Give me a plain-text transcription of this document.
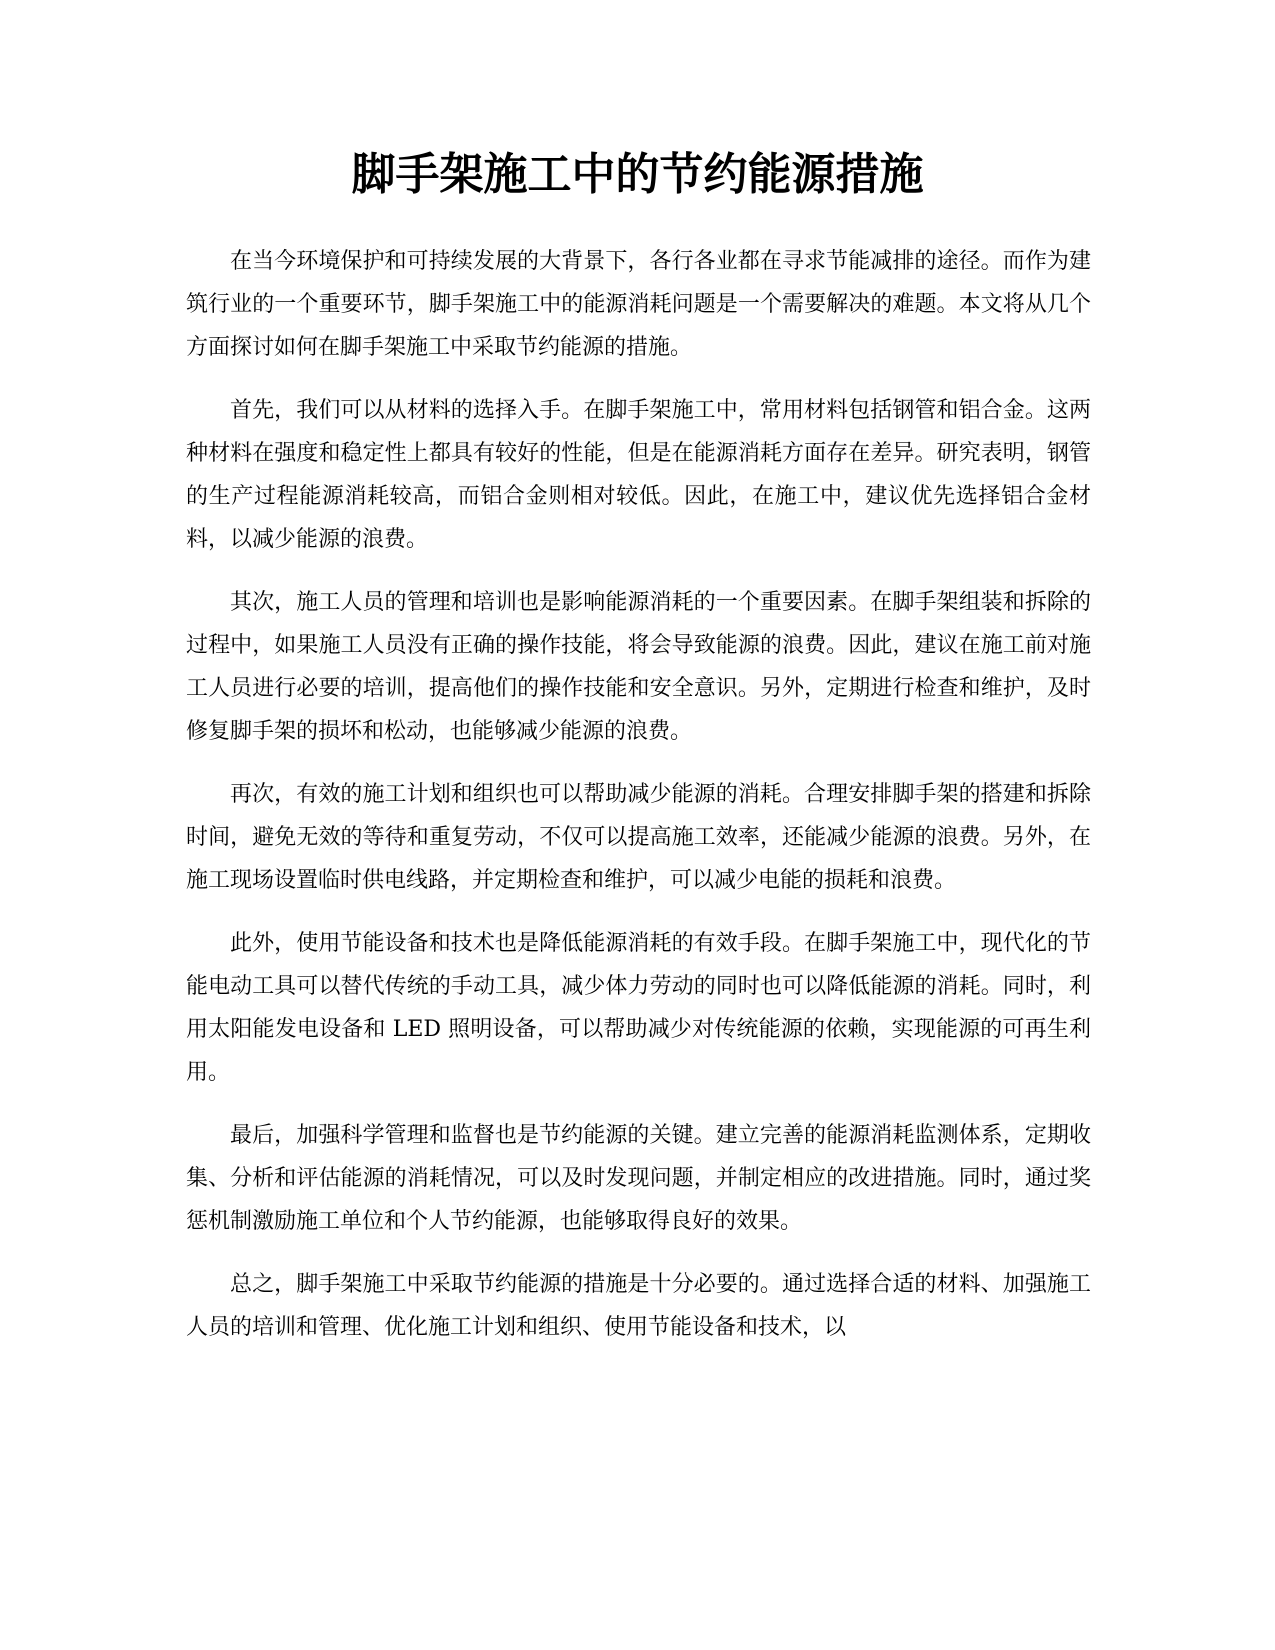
脚手架施工中的节约能源措施

在当今环境保护和可持续发展的大背景下，各行各业都在寻求节能减排的途径。而作为建筑行业的一个重要环节，脚手架施工中的能源消耗问题是一个需要解决的难题。本文将从几个方面探讨如何在脚手架施工中采取节约能源的措施。

首先，我们可以从材料的选择入手。在脚手架施工中，常用材料包括钢管和铝合金。这两种材料在强度和稳定性上都具有较好的性能，但是在能源消耗方面存在差异。研究表明，钢管的生产过程能源消耗较高，而铝合金则相对较低。因此，在施工中，建议优先选择铝合金材料，以减少能源的浪费。

其次，施工人员的管理和培训也是影响能源消耗的一个重要因素。在脚手架组装和拆除的过程中，如果施工人员没有正确的操作技能，将会导致能源的浪费。因此，建议在施工前对施工人员进行必要的培训，提高他们的操作技能和安全意识。另外，定期进行检查和维护，及时修复脚手架的损坏和松动，也能够减少能源的浪费。

再次，有效的施工计划和组织也可以帮助减少能源的消耗。合理安排脚手架的搭建和拆除时间，避免无效的等待和重复劳动，不仅可以提高施工效率，还能减少能源的浪费。另外，在施工现场设置临时供电线路，并定期检查和维护，可以减少电能的损耗和浪费。

此外，使用节能设备和技术也是降低能源消耗的有效手段。在脚手架施工中，现代化的节能电动工具可以替代传统的手动工具，减少体力劳动的同时也可以降低能源的消耗。同时，利用太阳能发电设备和 LED 照明设备，可以帮助减少对传统能源的依赖，实现能源的可再生利用。

最后，加强科学管理和监督也是节约能源的关键。建立完善的能源消耗监测体系，定期收集、分析和评估能源的消耗情况，可以及时发现问题，并制定相应的改进措施。同时，通过奖惩机制激励施工单位和个人节约能源，也能够取得良好的效果。

总之，脚手架施工中采取节约能源的措施是十分必要的。通过选择合适的材料、加强施工人员的培训和管理、优化施工计划和组织、使用节能设备和技术，以
